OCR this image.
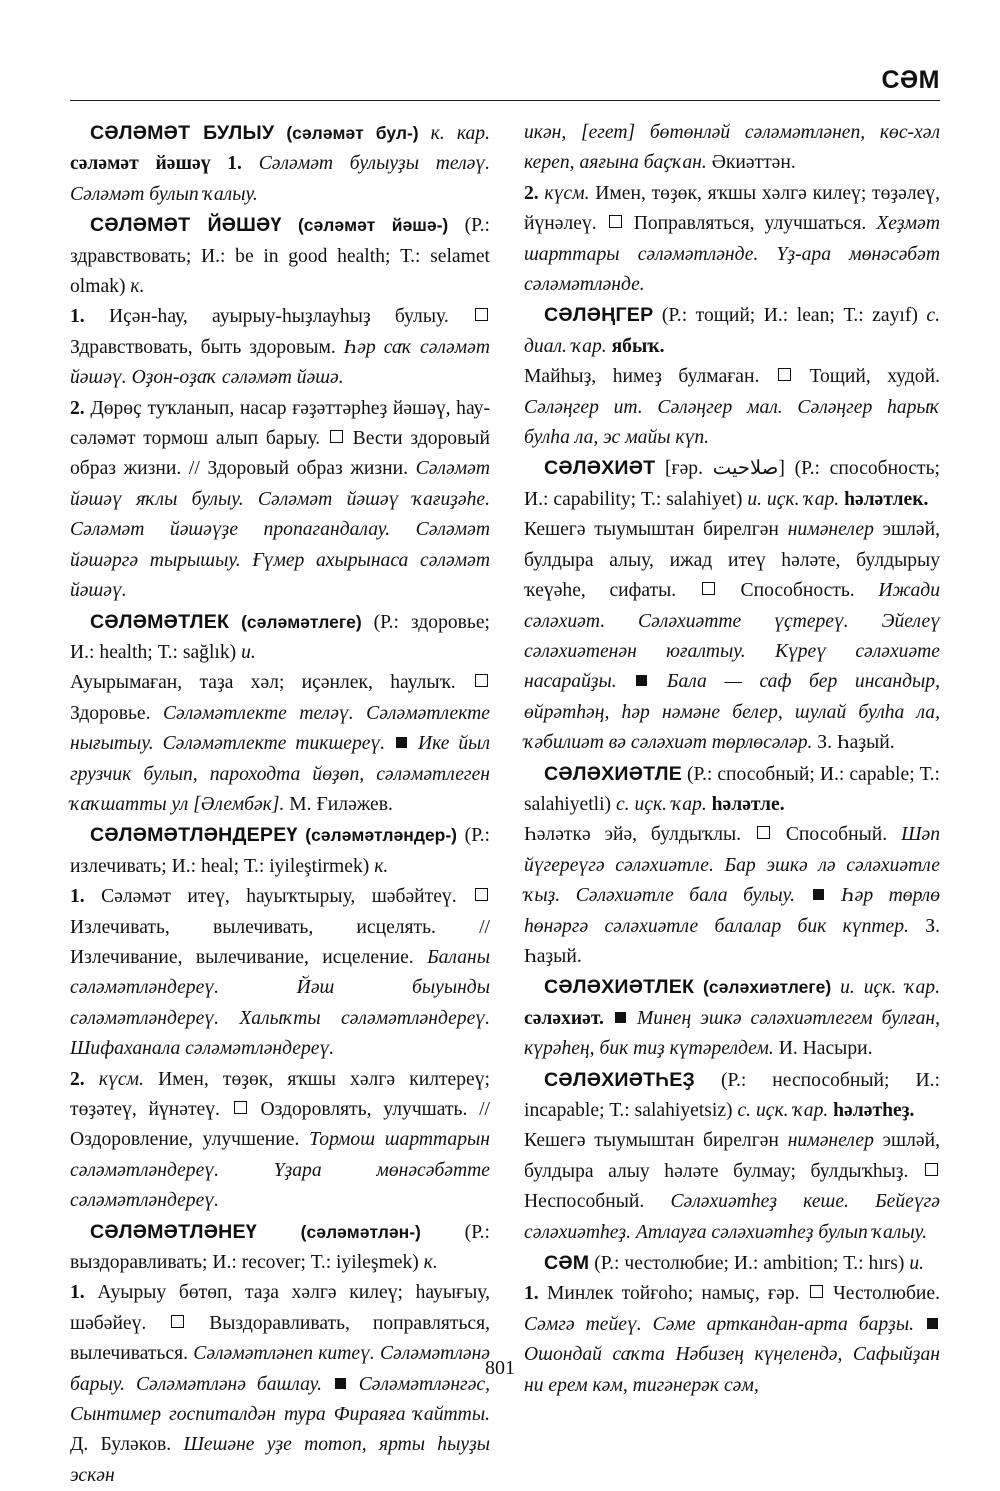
СӘМ

СӘЛӘМӘТ БУЛЫУ (сәләмәт бул-) к. кар. сәләмәт йәшәү 1. Сәләмәт булыуҙы теләү. Сәләмәт булып ҡалыу.

СӘЛӘМӘТ ЙӘШӘҮ (сәләмәт йәшә-) (Р.: здравствовать; И.: be in good health; Т.: selamet olmak) к.

1. Иҫән-һау, ауырыу-һыҙлауһыҙ булыу.  Здравствовать, быть здоровым. Һәр саҡ сәләмәт йәшәү. Оҙон-оҙаҡ сәләмәт йәшә.

2. Дөрөҫ туҡланып, насар ғәҙәттәрһеҙ йәшәү, һау-сәләмәт тормош алып барыу.  Вести здоровый образ жизни. // Здоровый образ жизни. Сәләмәт йәшәү яҡлы булыу. Сәләмәт йәшәү ҡағиҙәһе. Сәләмәт йәшәүҙе пропагандалау. Сәләмәт йәшәргә тырышыу. Ғүмер ахырынаса сәләмәт йәшәү.

СӘЛӘМӘТЛЕК (сәләмәтлеге) (Р.: здоровье; И.: health; Т.: sağlık) и.

Ауырымаған, таҙа хәл; иҫәнлек, һаулыҡ.  Здоровье. Сәләмәтлекте теләү. Сәләмәтлекте нығытыу. Сәләмәтлекте тикшереү.  Ике йыл грузчик булып, пароходта йөҙөп, сәләмәтлеген ҡаҡшатты ул [Әлембәк]. М. Ғиләжев.

СӘЛӘМӘТЛӘНДЕРЕҮ (сәләмәтләндер-) (Р.: излечивать; И.: heal; Т.: iyileştirmek) к.

1. Сәләмәт итеү, һауыҡтырыу, шәбәйтеү.  Излечивать, вылечивать, исцелять. // Излечивание, вылечивание, исцеление. Баланы сәләмәтләндереү. Йәш быуынды сәләмәтләндереү. Халыҡты сәләмәтләндереү. Шифаханала сәләмәтләндереү.

2. күсм. Имен, төҙөк, яҡшы хәлгә килтереү; төҙәтеү, йүнәтеү.  Оздоровлять, улучшать. // Оздоровление, улучшение. Тормош шарттарын сәләмәтләндереү. Үҙара мөнәсәбәтте сәләмәтләндереү.

СӘЛӘМӘТЛӘНЕҮ (сәләмәтлән-) (Р.: выздоравливать; И.: recover; Т.: iyileşmek) к.

1. Ауырыу бөтөп, таҙа хәлгә килеү; һауығыу, шәбәйеү.  Выздоравливать, поправляться, вылечиваться. Сәләмәтләнеп китеү. Сәләмәтләнә барыу. Сәләмәтләнә башлау.  Сәләмәтләнгәс, Сынтимер госпиталдән тура Фираяға ҡайтты. Д. Буләков. Шешәне уҙе тотоп, ярты һыуҙы эскән

икән, [егет] бөтөнләй сәләмәтләнеп, көс-хәл кереп, аяғына баҫҡан. Әкиәттән.

2. күсм. Имен, төҙөк, яҡшы хәлгә килеү; төҙәлеү, йүнәлеү.  Поправляться, улучшаться. Хеҙмәт шарттары сәләмәтләнде. Үҙ-ара мөнәсәбәт сәләмәтләнде.

СӘЛӘҢГЕР (Р.: тощий; И.: lean; Т.: zayıf) с. диал. ҡар. ябыҡ.

Майһыҙ, һимеҙ булмаған.  Тощий, худой. Сәләңгер ит. Сәләңгер мал. Сәләңгер һарыҡ булһа ла, эс майы күп.

СӘЛӘХИӘТ [ғәр. صلاحيت] (Р.: способность; И.: capability; Т.: salahiyet) и. иҫк. ҡар. һәләтлек.

Кешегә тыумыштан бирелгән нимәнелер эшләй, булдыра алыу, ижад итеү һәләте, булдырыу ҡеүәһе, сифаты.  Способность. Ижади сәләхиәт. Сәләхиәтте үҫтереү. Эйелеү сәләхиәтенән юғалтыу. Күреү сәләхиәте насарайҙы.  Бала — саф бер инсандыр, өйрәтһәң, һәр нәмәне белер, шулай булһа ла, ҡәбилиәт вә сәләхиәт төрлөсәләр. З. Һаҙый.

СӘЛӘХИӘТЛЕ (Р.: способный; И.: capable; Т.: salahiyetli) с. иҫк. ҡар. һәләтле.

Һәләткә эйә, булдыҡлы.  Способный. Шәп йүгереүгә сәләхиәтле. Бар эшкә лә сәләхиәтле ҡыҙ. Сәләхиәтле бала булыу.  Һәр төрлө һөнәргә сәләхиәтле балалар бик күптер. З. Һаҙый.

СӘЛӘХИӘТЛЕК (сәләхиәтлеге) и. иҫк. ҡар. сәләхиәт.  Минең эшкә сәләхиәтлегем булған, күрәһең, бик тиҙ күтәрелдем. И. Насыри.

СӘЛӘХИӘТҺЕҘ (Р.: неспособный; И.: incapable; Т.: salahiyetsiz) с. иҫк. ҡар. һәләтһеҙ.

Кешегә тыумыштан бирелгән нимәнелер эшләй, булдыра алыу һәләте булмау; булдыҡһыҙ.  Неспособный. Сәләхиәтһеҙ кеше. Бейеүгә сәләхиәтһеҙ. Атлауға сәләхиәтһеҙ булып ҡалыу.

СӘМ (Р.: честолюбие; И.: ambition; Т.: hırs) и.

1. Минлек тойғоһо; намыҫ, ғәр.  Честолюбие. Сәмгә тейеү. Сәме арткандан-арта барҙы.  Ошондай саҡта Нәбизең күңелендә, Сафыйҙан ни ерем кәм, тигәнерәк сәм,

801
